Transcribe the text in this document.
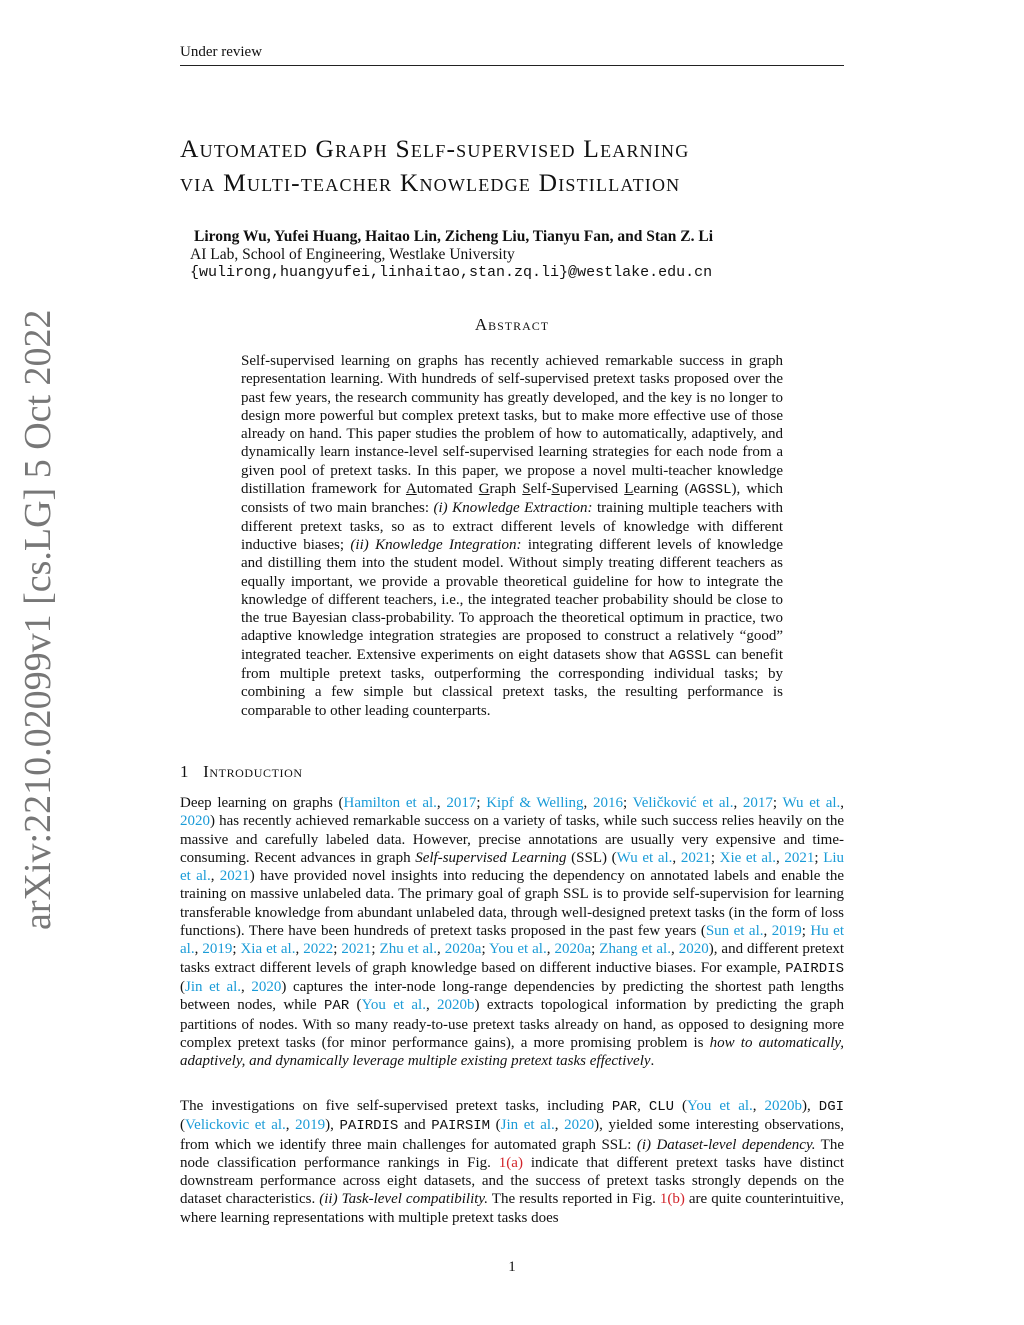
Under review
arXiv:2210.02099v1 [cs.LG] 5 Oct 2022
Automated Graph Self-supervised Learning
via Multi-teacher Knowledge Distillation
Lirong Wu, Yufei Huang, Haitao Lin, Zicheng Liu, Tianyu Fan, and Stan Z. Li
AI Lab, School of Engineering, Westlake University
{wulirong,huangyufei,linhaitao,stan.zq.li}@westlake.edu.cn
Abstract
Self-supervised learning on graphs has recently achieved remarkable success in graph representation learning. With hundreds of self-supervised pretext tasks proposed over the past few years, the research community has greatly developed, and the key is no longer to design more powerful but complex pretext tasks, but to make more effective use of those already on hand. This paper studies the problem of how to automatically, adaptively, and dynamically learn instance-level self-supervised learning strategies for each node from a given pool of pretext tasks. In this paper, we propose a novel multi-teacher knowledge distillation framework for Automated Graph Self-Supervised Learning (AGSSL), which consists of two main branches: (i) Knowledge Extraction: training multiple teachers with different pretext tasks, so as to extract different levels of knowledge with different inductive biases; (ii) Knowledge Integration: integrating different levels of knowledge and distilling them into the student model. Without simply treating different teachers as equally important, we provide a provable theoretical guideline for how to integrate the knowledge of different teachers, i.e., the integrated teacher probability should be close to the true Bayesian class-probability. To approach the theoretical optimum in practice, two adaptive knowledge integration strategies are proposed to construct a relatively “good” integrated teacher. Extensive experiments on eight datasets show that AGSSL can benefit from multiple pretext tasks, outperforming the corresponding individual tasks; by combining a few simple but classical pretext tasks, the resulting performance is comparable to other leading counterparts.
1 Introduction
Deep learning on graphs (Hamilton et al., 2017; Kipf & Welling, 2016; Veličković et al., 2017; Wu et al., 2020) has recently achieved remarkable success on a variety of tasks, while such success relies heavily on the massive and carefully labeled data. However, precise annotations are usually very expensive and time-consuming. Recent advances in graph Self-supervised Learning (SSL) (Wu et al., 2021; Xie et al., 2021; Liu et al., 2021) have provided novel insights into reducing the dependency on annotated labels and enable the training on massive unlabeled data. The primary goal of graph SSL is to provide self-supervision for learning transferable knowledge from abundant unlabeled data, through well-designed pretext tasks (in the form of loss functions). There have been hundreds of pretext tasks proposed in the past few years (Sun et al., 2019; Hu et al., 2019; Xia et al., 2022; 2021; Zhu et al., 2020a; You et al., 2020a; Zhang et al., 2020), and different pretext tasks extract different levels of graph knowledge based on different inductive biases. For example, PAIRDIS (Jin et al., 2020) captures the inter-node long-range dependencies by predicting the shortest path lengths between nodes, while PAR (You et al., 2020b) extracts topological information by predicting the graph partitions of nodes. With so many ready-to-use pretext tasks already on hand, as opposed to designing more complex pretext tasks (for minor performance gains), a more promising problem is how to automatically, adaptively, and dynamically leverage multiple existing pretext tasks effectively.
The investigations on five self-supervised pretext tasks, including PAR, CLU (You et al., 2020b), DGI (Velickovic et al., 2019), PAIRDIS and PAIRSIM (Jin et al., 2020), yielded some interesting observations, from which we identify three main challenges for automated graph SSL: (i) Dataset-level dependency. The node classification performance rankings in Fig. 1(a) indicate that different pretext tasks have distinct downstream performance across eight datasets, and the success of pretext tasks strongly depends on the dataset characteristics. (ii) Task-level compatibility. The results reported in Fig. 1(b) are quite counterintuitive, where learning representations with multiple pretext tasks does
1
